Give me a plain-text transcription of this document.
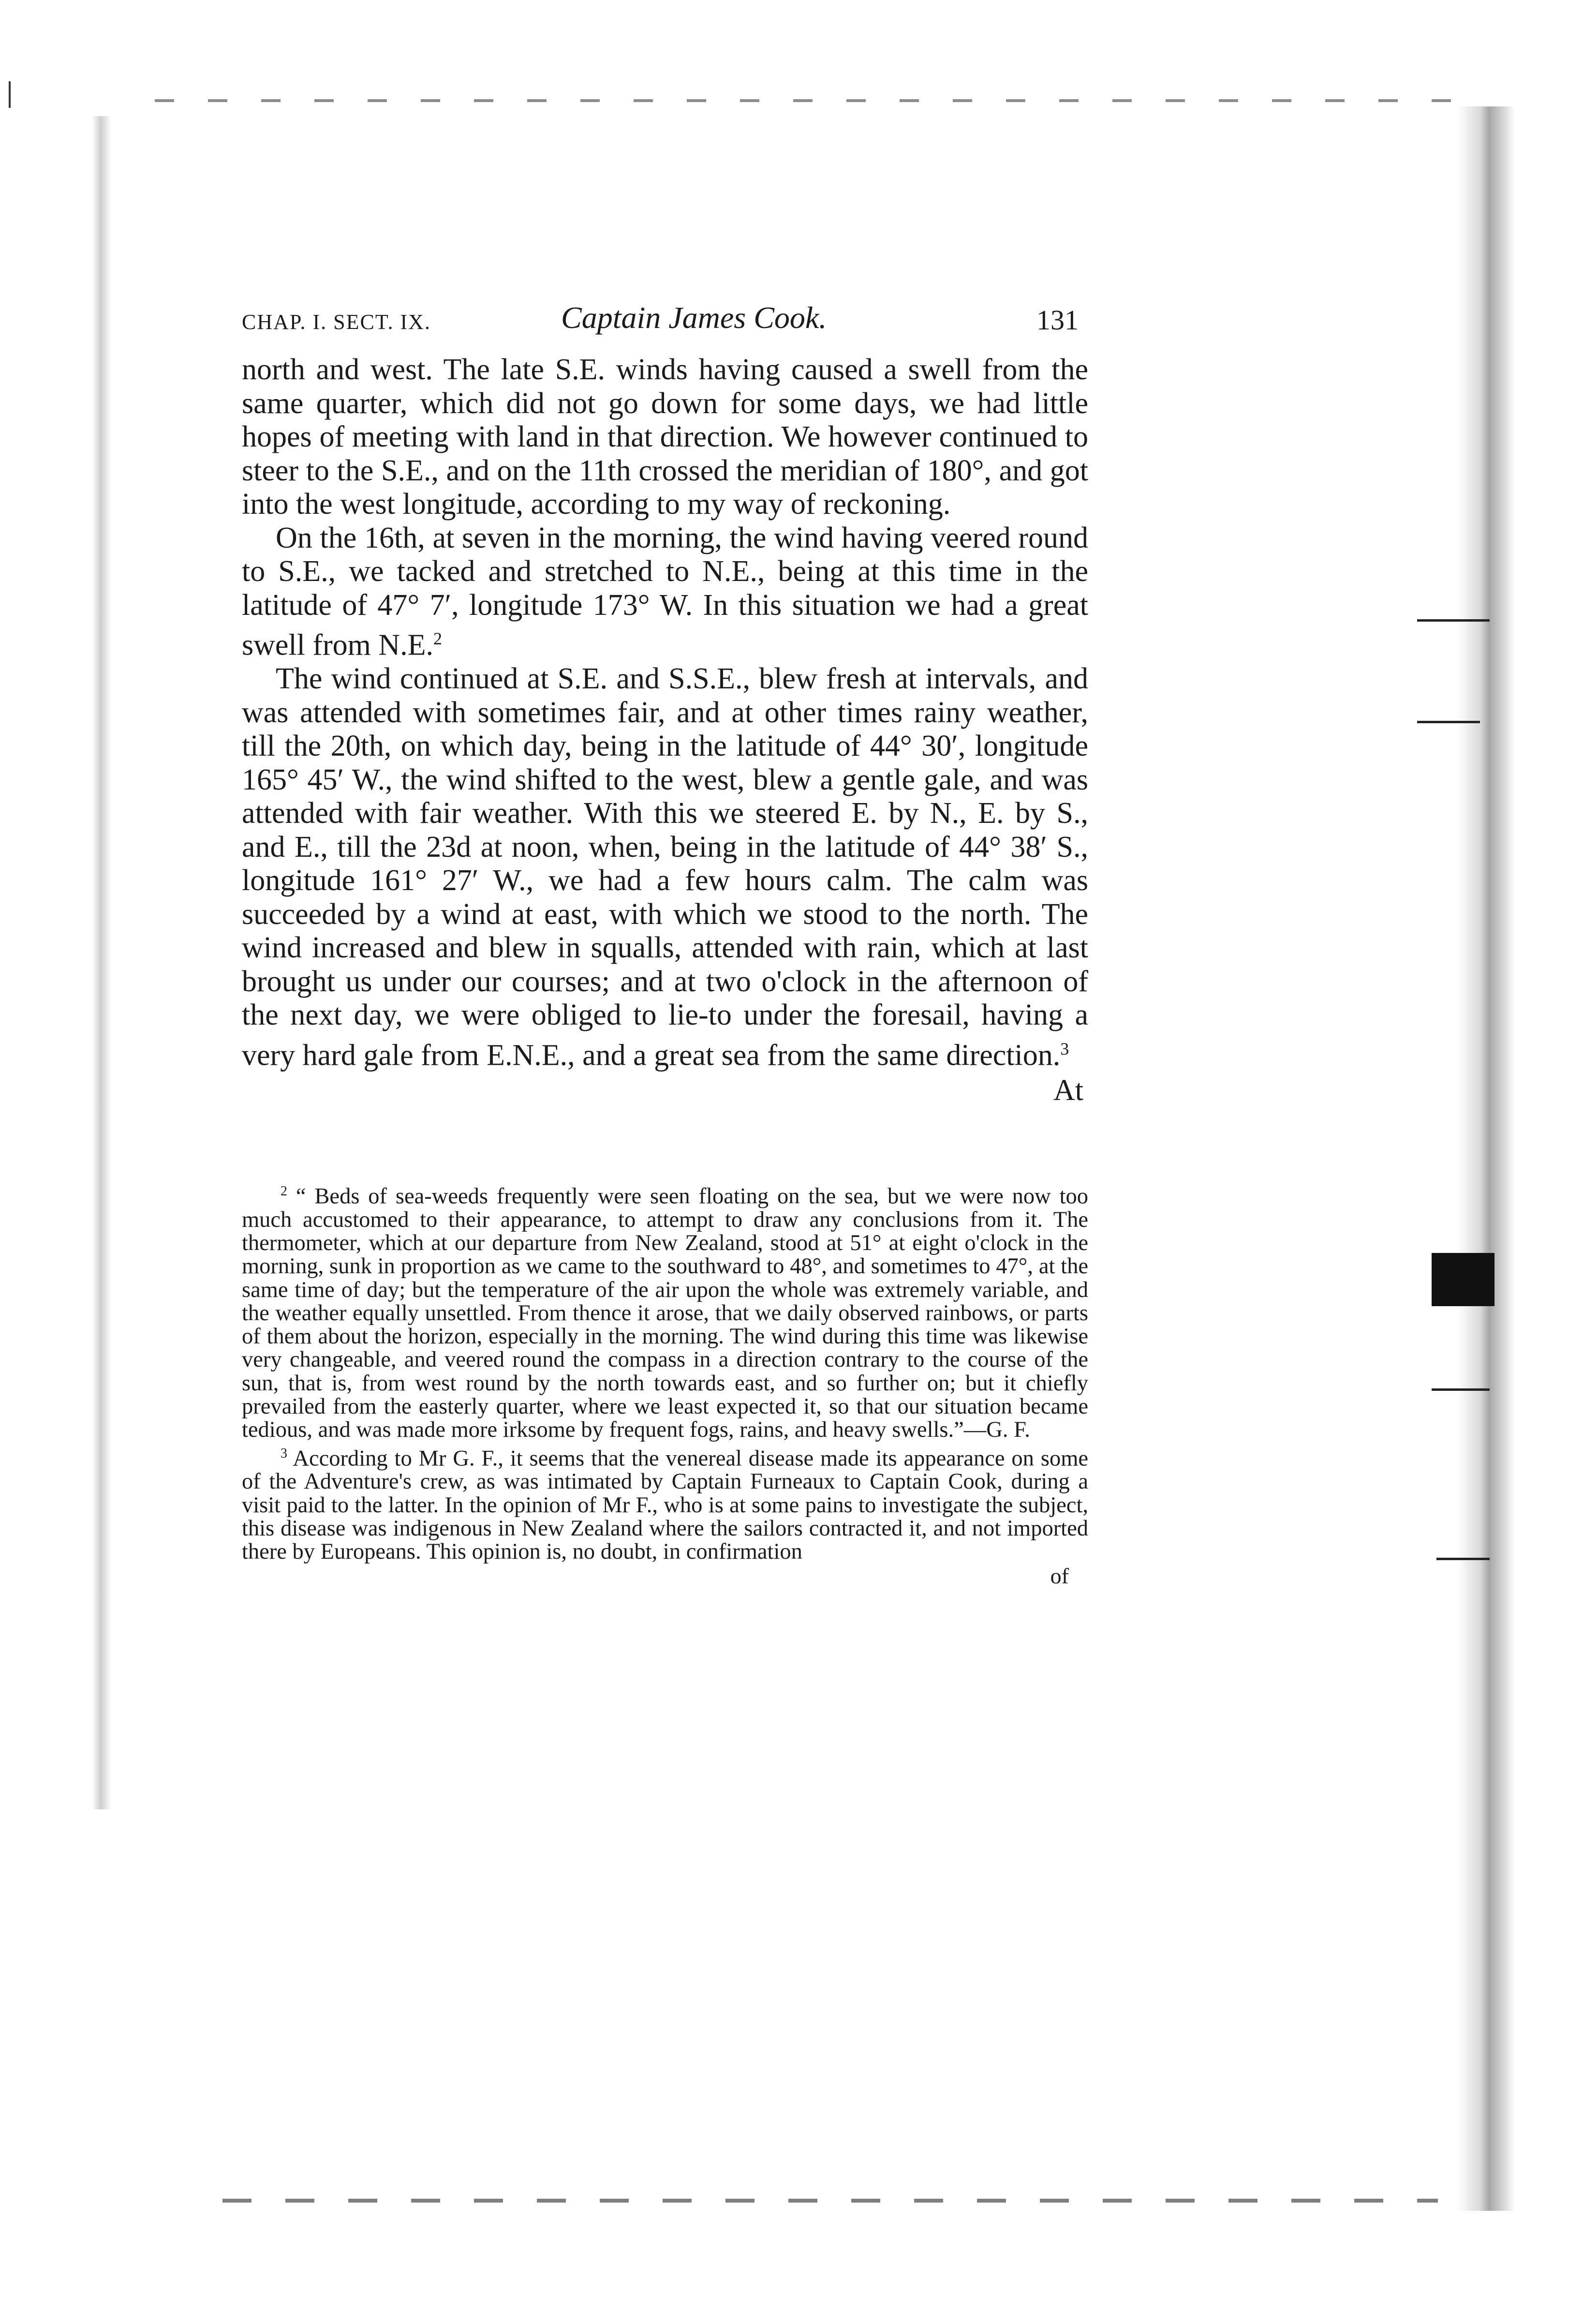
CHAP. I. SECT. IX.	Captain James Cook.	131

north and west. The late S.E. winds having caused a swell from the same quarter, which did not go down for some days, we had little hopes of meeting with land in that direction. We however continued to steer to the S.E., and on the 11th crossed the meridian of 180°, and got into the west longitude, according to my way of reckoning.

On the 16th, at seven in the morning, the wind having veered round to S.E., we tacked and stretched to N.E., being at this time in the latitude of 47° 7′, longitude 173° W. In this situation we had a great swell from N.E.$^2$

The wind continued at S.E. and S.S.E., blew fresh at intervals, and was attended with sometimes fair, and at other times rainy weather, till the 20th, on which day, being in the latitude of 44° 30′, longitude 165° 45′ W., the wind shifted to the west, blew a gentle gale, and was attended with fair weather. With this we steered E. by N., E. by S., and E., till the 23d at noon, when, being in the latitude of 44° 38′ S., longitude 161° 27′ W., we had a few hours calm. The calm was succeeded by a wind at east, with which we stood to the north. The wind increased and blew in squalls, attended with rain, which at last brought us under our courses; and at two o'clock in the afternoon of the next day, we were obliged to lie-to under the foresail, having a very hard gale from E.N.E., and a great sea from the same direction.$^3$

At

$^2$ “ Beds of sea-weeds frequently were seen floating on the sea, but we were now too much accustomed to their appearance, to attempt to draw any conclusions from it. The thermometer, which at our departure from New Zealand, stood at 51° at eight o'clock in the morning, sunk in proportion as we came to the southward to 48°, and sometimes to 47°, at the same time of day; but the temperature of the air upon the whole was extremely variable, and the weather equally unsettled. From thence it arose, that we daily observed rainbows, or parts of them about the horizon, especially in the morning. The wind during this time was likewise very changeable, and veered round the compass in a direction contrary to the course of the sun, that is, from west round by the north towards east, and so further on; but it chiefly prevailed from the easterly quarter, where we least expected it, so that our situation became tedious, and was made more irksome by frequent fogs, rains, and heavy swells.”—G. F.

$^3$ According to Mr G. F., it seems that the venereal disease made its appearance on some of the Adventure's crew, as was intimated by Captain Furneaux to Captain Cook, during a visit paid to the latter. In the opinion of Mr F., who is at some pains to investigate the subject, this disease was indigenous in New Zealand where the sailors contracted it, and not imported there by Europeans. This opinion is, no doubt, in confirmation

of
